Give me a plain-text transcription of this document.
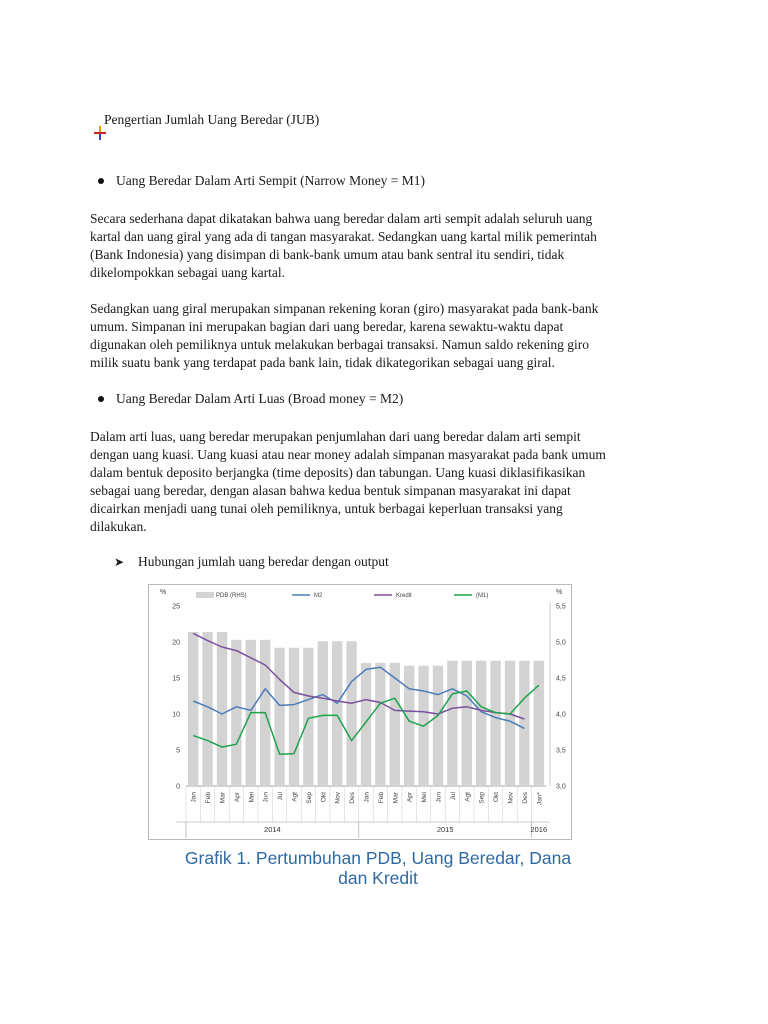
Pengertian Jumlah Uang Beredar (JUB)
Uang Beredar Dalam Arti Sempit (Narrow Money = M1)
Secara sederhana dapat dikatakan bahwa uang beredar dalam arti sempit adalah seluruh uang
kartal dan uang giral yang ada di tangan masyarakat. Sedangkan uang kartal milik pemerintah
(Bank Indonesia) yang disimpan di bank-bank umum atau bank sentral itu sendiri, tidak
dikelompokkan sebagai uang kartal.
Sedangkan uang giral merupakan simpanan rekening koran (giro) masyarakat pada bank-bank
umum. Simpanan ini merupakan bagian dari uang beredar, karena sewaktu-waktu dapat
digunakan oleh pemiliknya untuk melakukan berbagai transaksi. Namun saldo rekening giro
milik suatu bank yang terdapat pada bank lain, tidak dikategorikan sebagai uang giral.
Uang Beredar Dalam Arti Luas (Broad money = M2)
Dalam arti luas, uang beredar merupakan penjumlahan dari uang beredar dalam arti sempit
dengan uang kuasi. Uang kuasi atau near money adalah simpanan masyarakat pada bank umum
dalam bentuk deposito berjangka (time deposits) dan tabungan. Uang kuasi diklasifikasikan
sebagai uang beredar, dengan alasan bahwa kedua bentuk simpanan masyarakat ini dapat
dicairkan menjadi uang tunai oleh pemiliknya, untuk berbagai keperluan transaksi yang
dilakukan.
➤ Hubungan jumlah uang beredar dengan output
%	%
0
5
10
15
20
25
3,0
3,5
4,0
4,5
5,0
5,5
PDB (RHS)	M2	Kredit	(M1)
Jan Feb Mar Apr Mei Jun Jul Agt Sep Okt Nov Des Jan Feb Mar Apr Mei Jun Jul Agt Sep Okt Nov Des Jan*
2014	2015	2016
Grafik 1. Pertumbuhan PDB, Uang Beredar, Dana
dan Kredit
